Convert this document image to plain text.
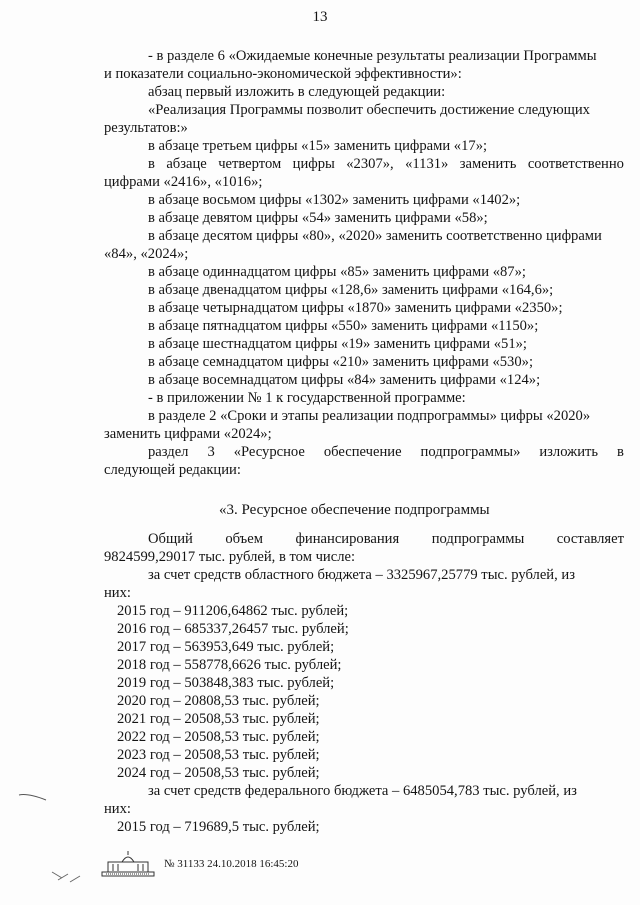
13
- в разделе 6 «Ожидаемые конечные результаты реализации Программы
и показатели социально-экономической эффективности»:
абзац первый изложить в следующей редакции:
«Реализация Программы позволит обеспечить достижение следующих
результатов:»
в абзаце третьем цифры «15» заменить цифрами «17»;
в абзаце четвертом цифры «2307», «1131» заменить соответственно
цифрами «2416», «1016»;
в абзаце восьмом цифры «1302» заменить цифрами «1402»;
в абзаце девятом цифры «54» заменить цифрами «58»;
в абзаце десятом цифры «80», «2020» заменить соответственно цифрами
«84», «2024»;
в абзаце одиннадцатом цифры «85» заменить цифрами «87»;
в абзаце двенадцатом цифры «128,6» заменить цифрами «164,6»;
в абзаце четырнадцатом цифры «1870» заменить цифрами «2350»;
в абзаце пятнадцатом цифры «550» заменить цифрами «1150»;
в абзаце шестнадцатом цифры «19» заменить цифрами «51»;
в абзаце семнадцатом цифры «210» заменить цифрами «530»;
в абзаце восемнадцатом цифры «84» заменить цифрами «124»;
- в приложении № 1 к государственной программе:
в разделе 2 «Сроки и этапы реализации подпрограммы» цифры «2020»
заменить цифрами «2024»;
раздел 3 «Ресурсное обеспечение подпрограммы» изложить в
следующей редакции:
«3. Ресурсное обеспечение подпрограммы
Общий объем финансирования подпрограммы составляет
9824599,29017 тыс. рублей, в том числе:
за счет средств областного бюджета – 3325967,25779 тыс. рублей, из
них:
2015 год – 911206,64862 тыс. рублей;
2016 год – 685337,26457 тыс. рублей;
2017 год – 563953,649 тыс. рублей;
2018 год – 558778,6626 тыс. рублей;
2019 год – 503848,383 тыс. рублей;
2020 год – 20808,53 тыс. рублей;
2021 год – 20508,53 тыс. рублей;
2022 год – 20508,53 тыс. рублей;
2023 год – 20508,53 тыс. рублей;
2024 год – 20508,53 тыс. рублей;
за счет средств федерального бюджета – 6485054,783 тыс. рублей, из
них:
2015 год – 719689,5 тыс. рублей;
№ 31133 24.10.2018 16:45:20
